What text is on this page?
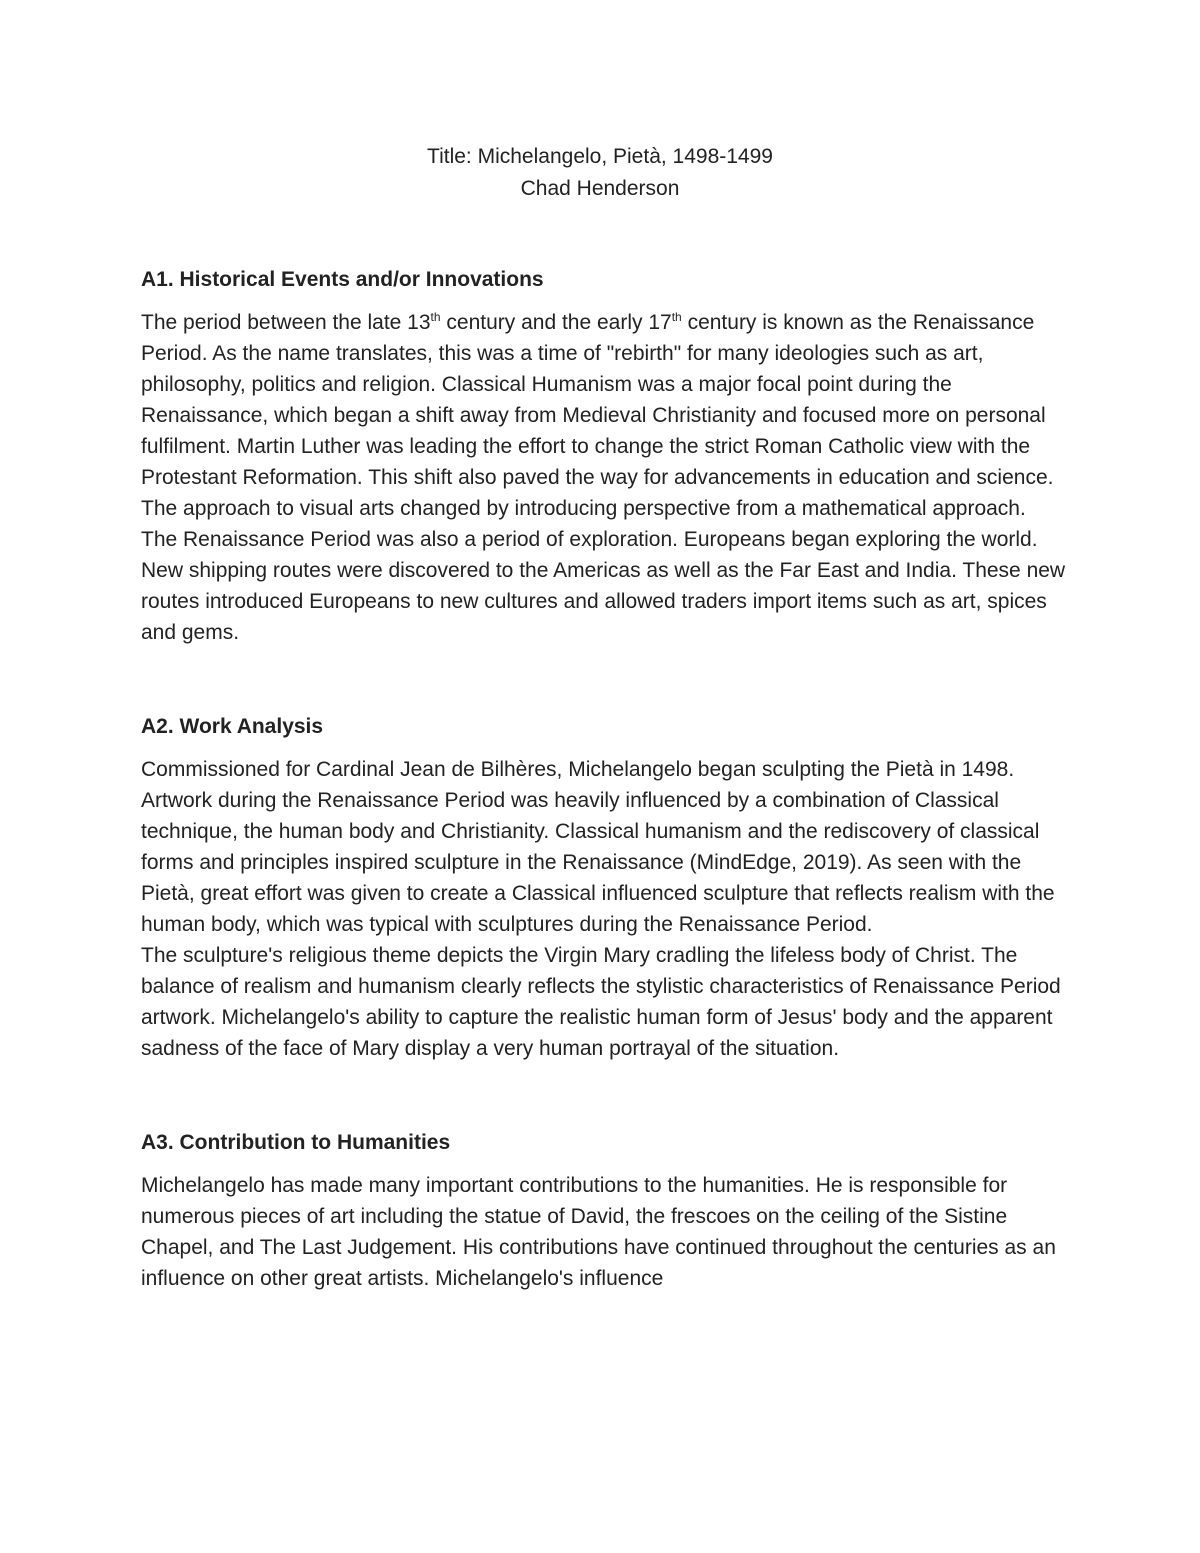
Title: Michelangelo, Pietà, 1498-1499
Chad Henderson
A1. Historical Events and/or Innovations

The period between the late 13th century and the early 17th century is known as the Renaissance Period. As the name translates, this was a time of "rebirth" for many ideologies such as art, philosophy, politics and religion. Classical Humanism was a major focal point during the Renaissance, which began a shift away from Medieval Christianity and focused more on personal fulfilment. Martin Luther was leading the effort to change the strict Roman Catholic view with the Protestant Reformation. This shift also paved the way for advancements in education and science. The approach to visual arts changed by introducing perspective from a mathematical approach.

The Renaissance Period was also a period of exploration. Europeans began exploring the world. New shipping routes were discovered to the Americas as well as the Far East and India. These new routes introduced Europeans to new cultures and allowed traders import items such as art, spices and gems.

A2. Work Analysis

Commissioned for Cardinal Jean de Bilhères, Michelangelo began sculpting the Pietà in 1498. Artwork during the Renaissance Period was heavily influenced by a combination of Classical technique, the human body and Christianity. Classical humanism and the rediscovery of classical forms and principles inspired sculpture in the Renaissance (MindEdge, 2019). As seen with the Pietà, great effort was given to create a Classical influenced sculpture that reflects realism with the human body, which was typical with sculptures during the Renaissance Period.

The sculpture's religious theme depicts the Virgin Mary cradling the lifeless body of Christ. The balance of realism and humanism clearly reflects the stylistic characteristics of Renaissance Period artwork. Michelangelo's ability to capture the realistic human form of Jesus' body and the apparent sadness of the face of Mary display a very human portrayal of the situation.

A3. Contribution to Humanities

Michelangelo has made many important contributions to the humanities. He is responsible for numerous pieces of art including the statue of David, the frescoes on the ceiling of the Sistine Chapel, and The Last Judgement. His contributions have continued throughout the centuries as an influence on other great artists. Michelangelo's influence
